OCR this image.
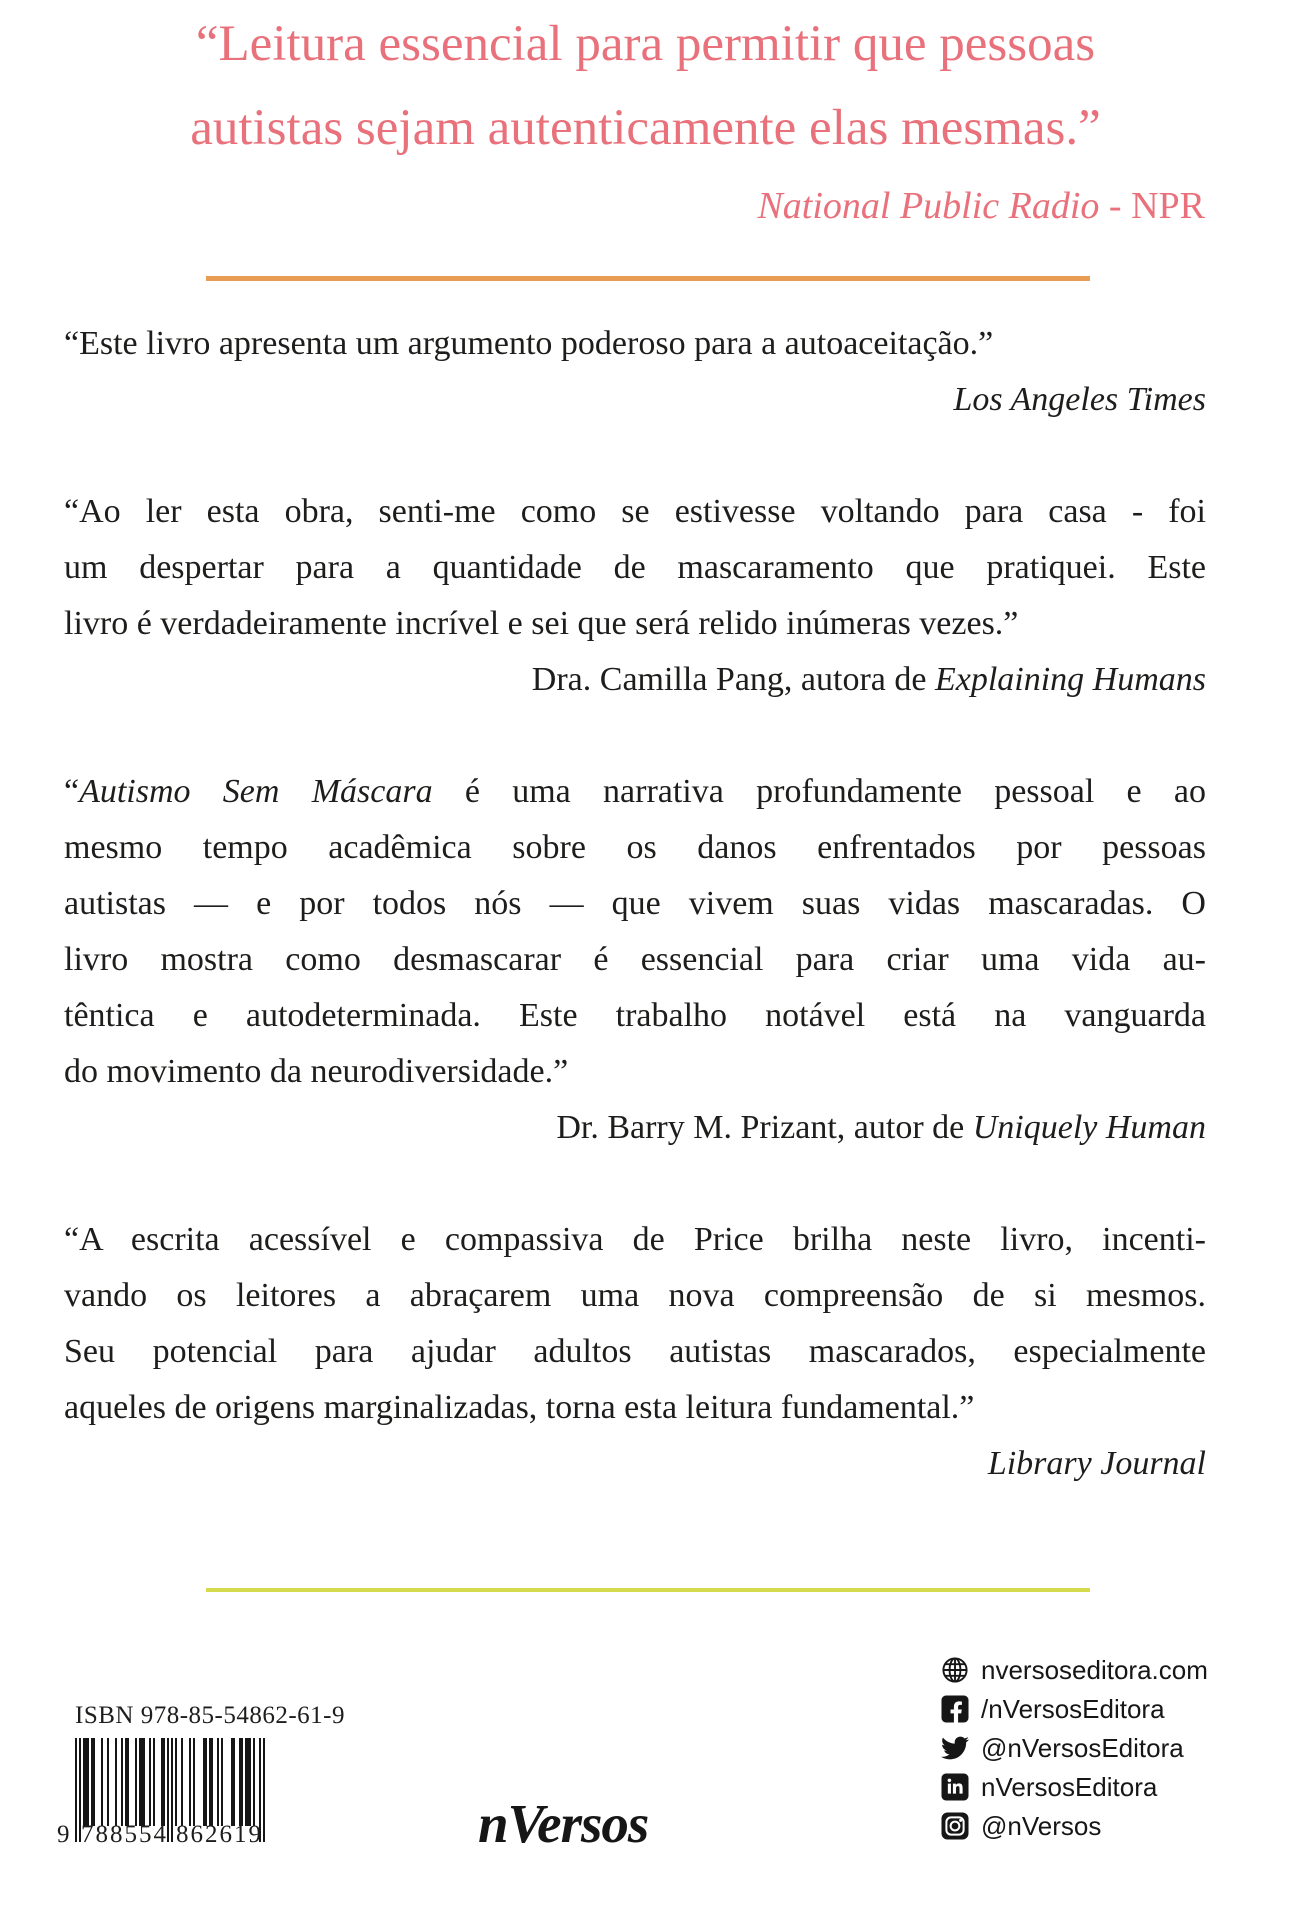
“Leitura essencial para permitir que pessoas
autistas sejam autenticamente elas mesmas.”
National Public Radio - NPR
“Este livro apresenta um argumento poderoso para a autoaceitação.”
Los Angeles Times
“Ao ler esta obra, senti-me como se estivesse voltando para casa - foi
um despertar para a quantidade de mascaramento que pratiquei. Este
livro é verdadeiramente incrível e sei que será relido inúmeras vezes.”
Dra. Camilla Pang, autora de Explaining Humans
“Autismo Sem Máscara é uma narrativa profundamente pessoal e ao
mesmo tempo acadêmica sobre os danos enfrentados por pessoas
autistas — e por todos nós — que vivem suas vidas mascaradas. O
livro mostra como desmascarar é essencial para criar uma vida au-
têntica e autodeterminada. Este trabalho notável está na vanguarda
do movimento da neurodiversidade.”
Dr. Barry M. Prizant, autor de Uniquely Human
“A escrita acessível e compassiva de Price brilha neste livro, incenti-
vando os leitores a abraçarem uma nova compreensão de si mesmos.
Seu potencial para ajudar adultos autistas mascarados, especialmente
aqueles de origens marginalizadas, torna esta leitura fundamental.”
Library Journal
ISBN 978-85-54862-61-9
9 788554 862619	nVersos
nversoseditora.com
/nVersosEditora
@nVersosEditora
nVersosEditora
@nVersos
